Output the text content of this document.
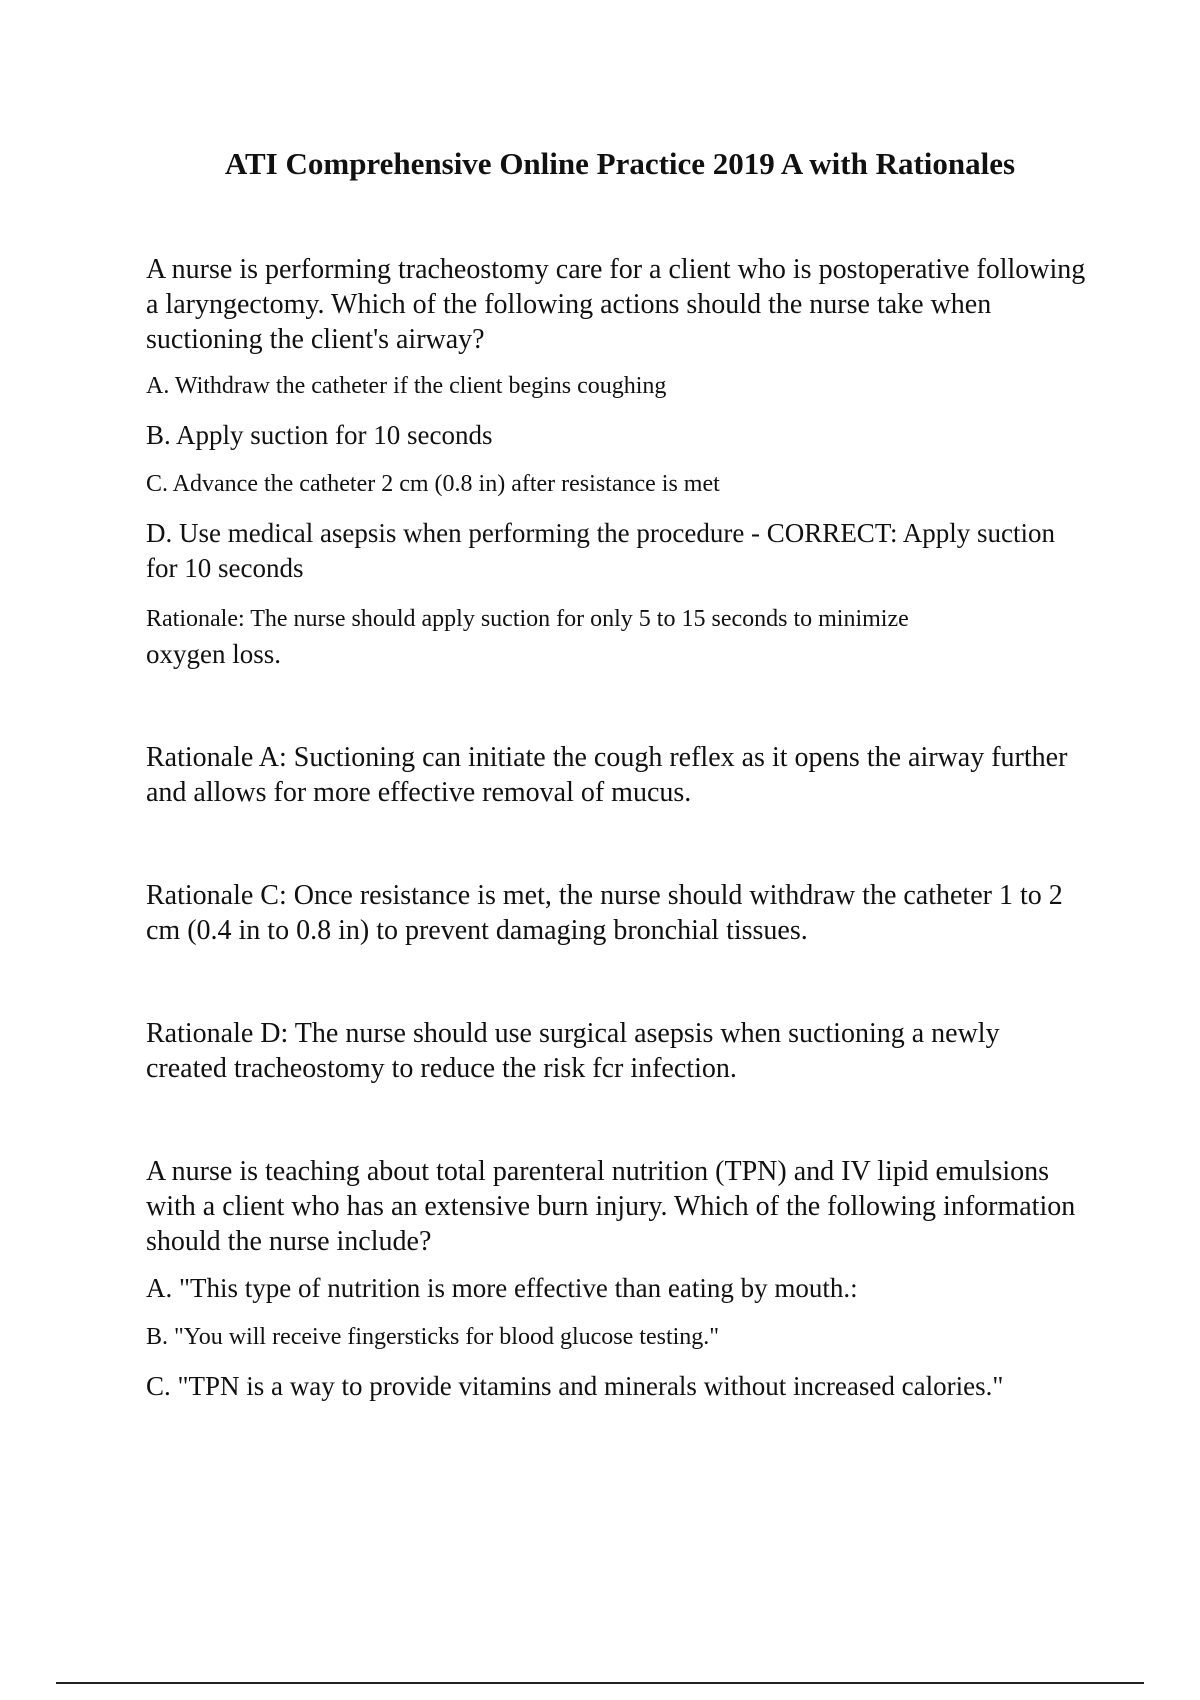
ATI Comprehensive Online Practice 2019 A with Rationales

A nurse is performing tracheostomy care for a client who is postoperative following a laryngectomy. Which of the following actions should the nurse take when suctioning the client's airway?

A. Withdraw the catheter if the client begins coughing

B. Apply suction for 10 seconds

C. Advance the catheter 2 cm (0.8 in) after resistance is met

D. Use medical asepsis when performing the procedure - CORRECT: Apply suction for 10 seconds

Rationale: The nurse should apply suction for only 5 to 15 seconds to minimize
oxygen loss.

Rationale A: Suctioning can initiate the cough reflex as it opens the airway further and allows for more effective removal of mucus.

Rationale C: Once resistance is met, the nurse should withdraw the catheter 1 to 2 cm (0.4 in to 0.8 in) to prevent damaging bronchial tissues.

Rationale D: The nurse should use surgical asepsis when suctioning a newly created tracheostomy to reduce the risk fcr infection.

A nurse is teaching about total parenteral nutrition (TPN) and IV lipid emulsions with a client who has an extensive burn injury. Which of the following information should the nurse include?

A. "This type of nutrition is more effective than eating by mouth.:

B. "You will receive fingersticks for blood glucose testing."

C. "TPN is a way to provide vitamins and minerals without increased calories."
